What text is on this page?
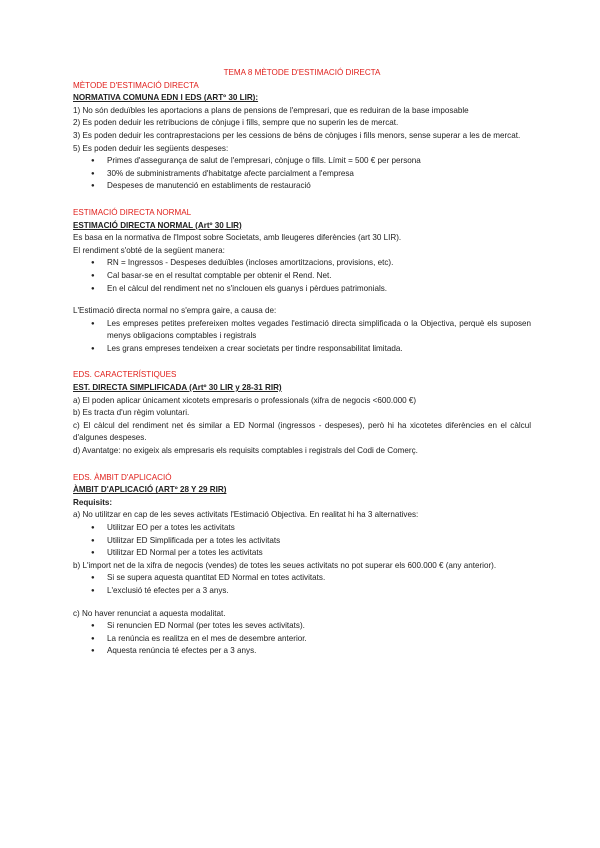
TEMA 8 MÈTODE D'ESTIMACIÓ DIRECTA

MÈTODE D'ESTIMACIÓ DIRECTA

NORMATIVA COMUNA EDN I EDS (ARTº 30 LIR):

1) No són deduïbles les aportacions a plans de pensions de l'empresari, que es reduiran de la base imposable

2) Es poden deduir les retribucions de cònjuge i fills, sempre que no superin les de mercat.

3) Es poden deduir les contraprestacions per les cessions de béns de cònjuges i fills menors, sense superar a les de mercat.

5) Es poden deduir les següents despeses:

● Primes d'assegurança de salut de l'empresari, cònjuge o fills. Límit = 500 € per persona
● 30% de subministraments d'habitatge afecte parcialment a l'empresa
● Despeses de manutenció en establiments de restauració

ESTIMACIÓ DIRECTA NORMAL

ESTIMACIÓ DIRECTA NORMAL (Artº 30 LIR)

Es basa en la normativa de l'Impost sobre Societats, amb lleugeres diferències (art 30 LIR).

El rendiment s'obté de la següent manera:

● RN = Ingressos - Despeses deduïbles (incloses amortitzacions, provisions, etc).
● Cal basar-se en el resultat comptable per obtenir el Rend. Net.
● En el càlcul del rendiment net no s'inclouen els guanys i pèrdues patrimonials.

L'Estimació directa normal no s'empra gaire, a causa de:

● Les empreses petites prefereixen moltes vegades l'estimació directa simplificada o la Objectiva, perquè els suposen menys obligacions comptables i registrals
● Les grans empreses tendeixen a crear societats per tindre responsabilitat limitada.

EDS. CARACTERÍSTIQUES

EST. DIRECTA SIMPLIFICADA (Artº 30 LIR y 28-31 RIR)

a) El poden aplicar únicament xicotets empresaris o professionals (xifra de negocis <600.000 €)

b) Es tracta d'un règim voluntari.

c) El càlcul del rendiment net és similar a ED Normal (ingressos - despeses), però hi ha xicotetes diferències en el càlcul d'algunes despeses.

d) Avantatge: no exigeix als empresaris els requisits comptables i registrals del Codi de Comerç.

EDS. ÀMBIT D'APLICACIÓ

ÀMBIT D'APLICACIÓ (ARTº 28 Y 29 RIR)

Requisits:

a) No utilitzar en cap de les seves activitats l'Estimació Objectiva. En realitat hi ha 3 alternatives:

● Utilitzar EO per a totes les activitats
● Utilitzar ED Simplificada per a totes les activitats
● Utilitzar ED Normal per a totes les activitats

b) L'import net de la xifra de negocis (vendes) de totes les seues activitats no pot superar els 600.000 € (any anterior).

● Si se supera aquesta quantitat ED Normal en totes activitats.
● L'exclusió té efectes per a 3 anys.

c) No haver renunciat a aquesta modalitat.

● Si renuncien ED Normal (per totes les seves activitats).
● La renúncia es realitza en el mes de desembre anterior.
● Aquesta renúncia té efectes per a 3 anys.
